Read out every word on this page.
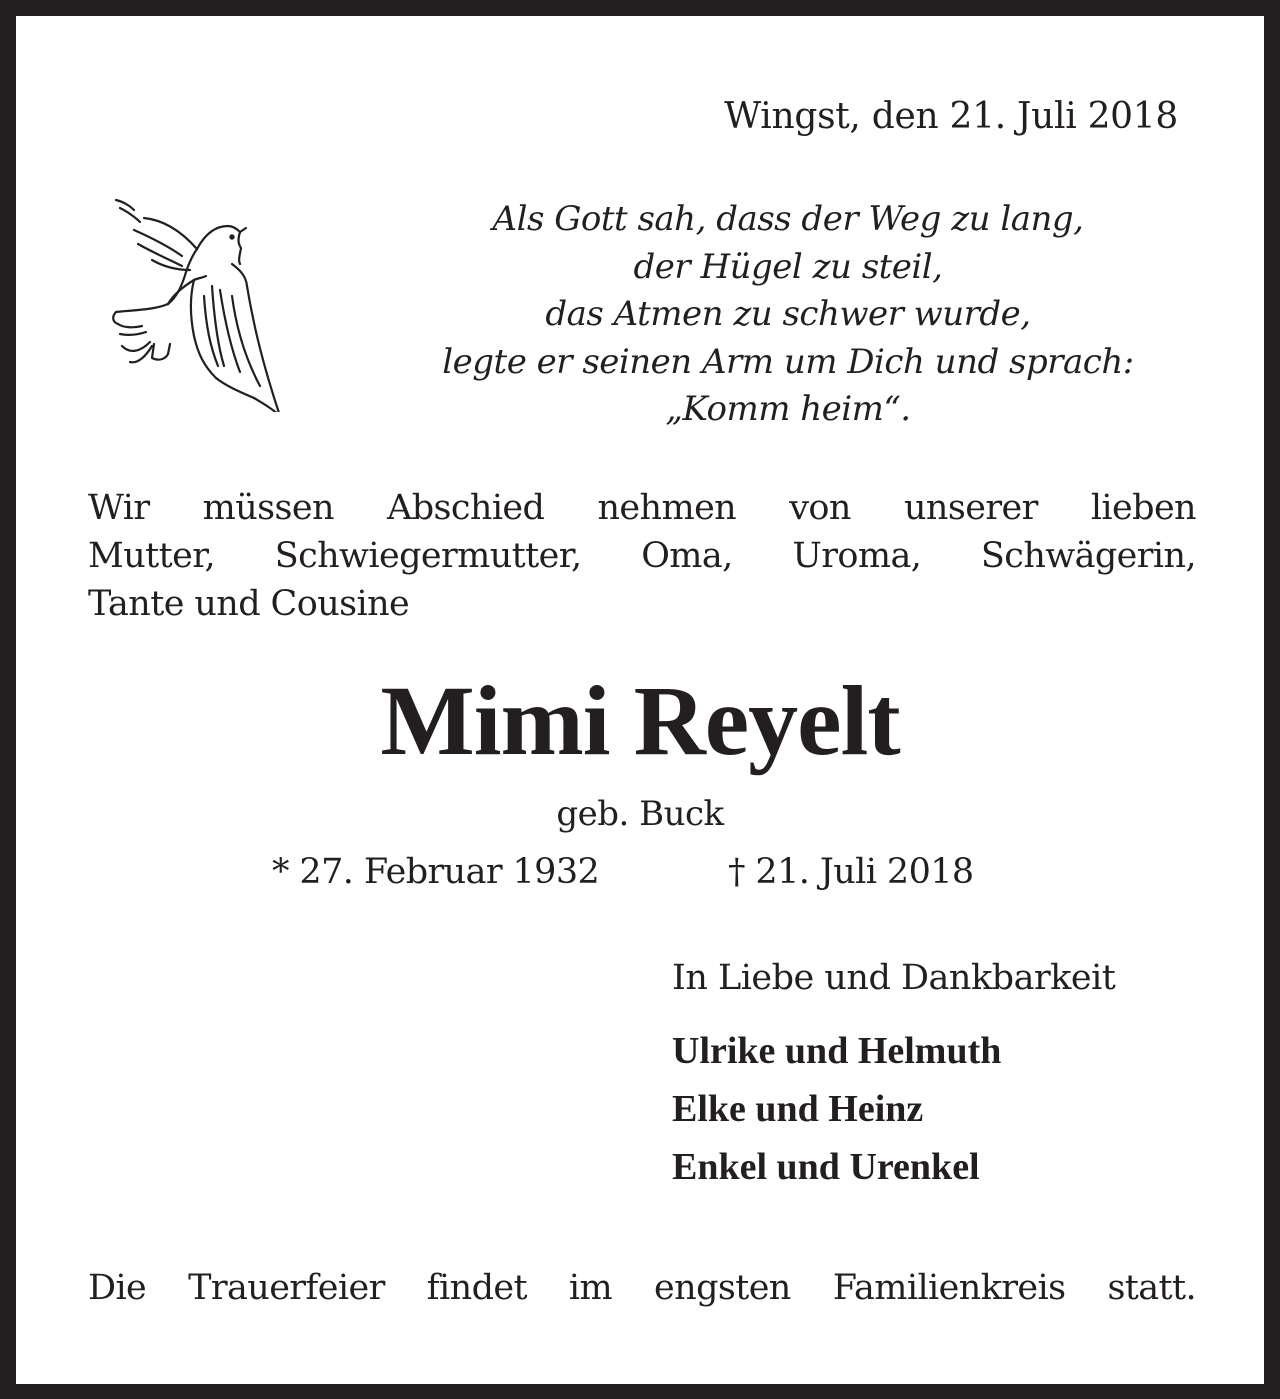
Wingst, den 21. Juli 2018
Als Gott sah, dass der Weg zu lang,
der Hügel zu steil,
das Atmen zu schwer wurde,
legte er seinen Arm um Dich und sprach:
„Komm heim“.
Wir müssen Abschied nehmen von unserer lieben
Mutter, Schwiegermutter, Oma, Uroma, Schwägerin,
Tante und Cousine
Mimi Reyelt
geb. Buck
* 27. Februar 1932	† 21. Juli 2018
In Liebe und Dankbarkeit
Ulrike und Helmuth
Elke und Heinz
Enkel und Urenkel
Die Trauerfeier findet im engsten Familienkreis statt.
